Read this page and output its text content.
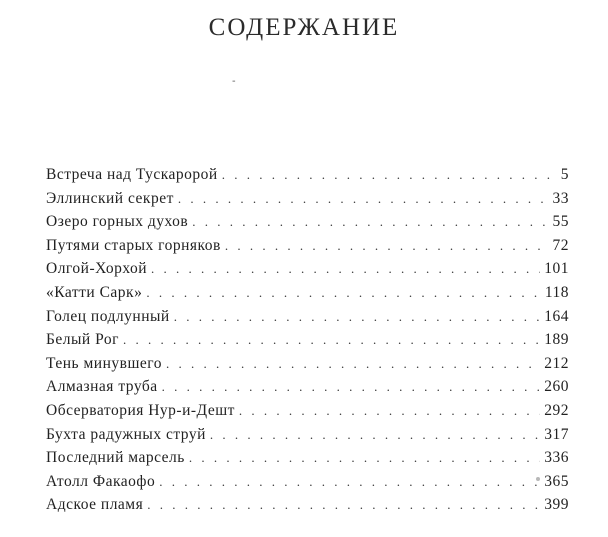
СОДЕРЖАНИЕ
-
Встреча над Тускаророй . . .	5
Эллинский секрет . . .	33
Озеро горных духов . . .	55
Путями старых горняков . . .	72
Олгой-Хорхой . . .	101
«Катти Сарк» . . .	118
Голец подлунный . . .	164
Белый Рог . . .	189
Тень минувшего . . .	212
Алмазная труба . . .	260
Обсерватория Нур-и-Дешт . . .	292
Бухта радужных струй . . .	317
Последний марсель . . .	336
Атолл Факаофо . . .	365
Адское пламя . . .	399
